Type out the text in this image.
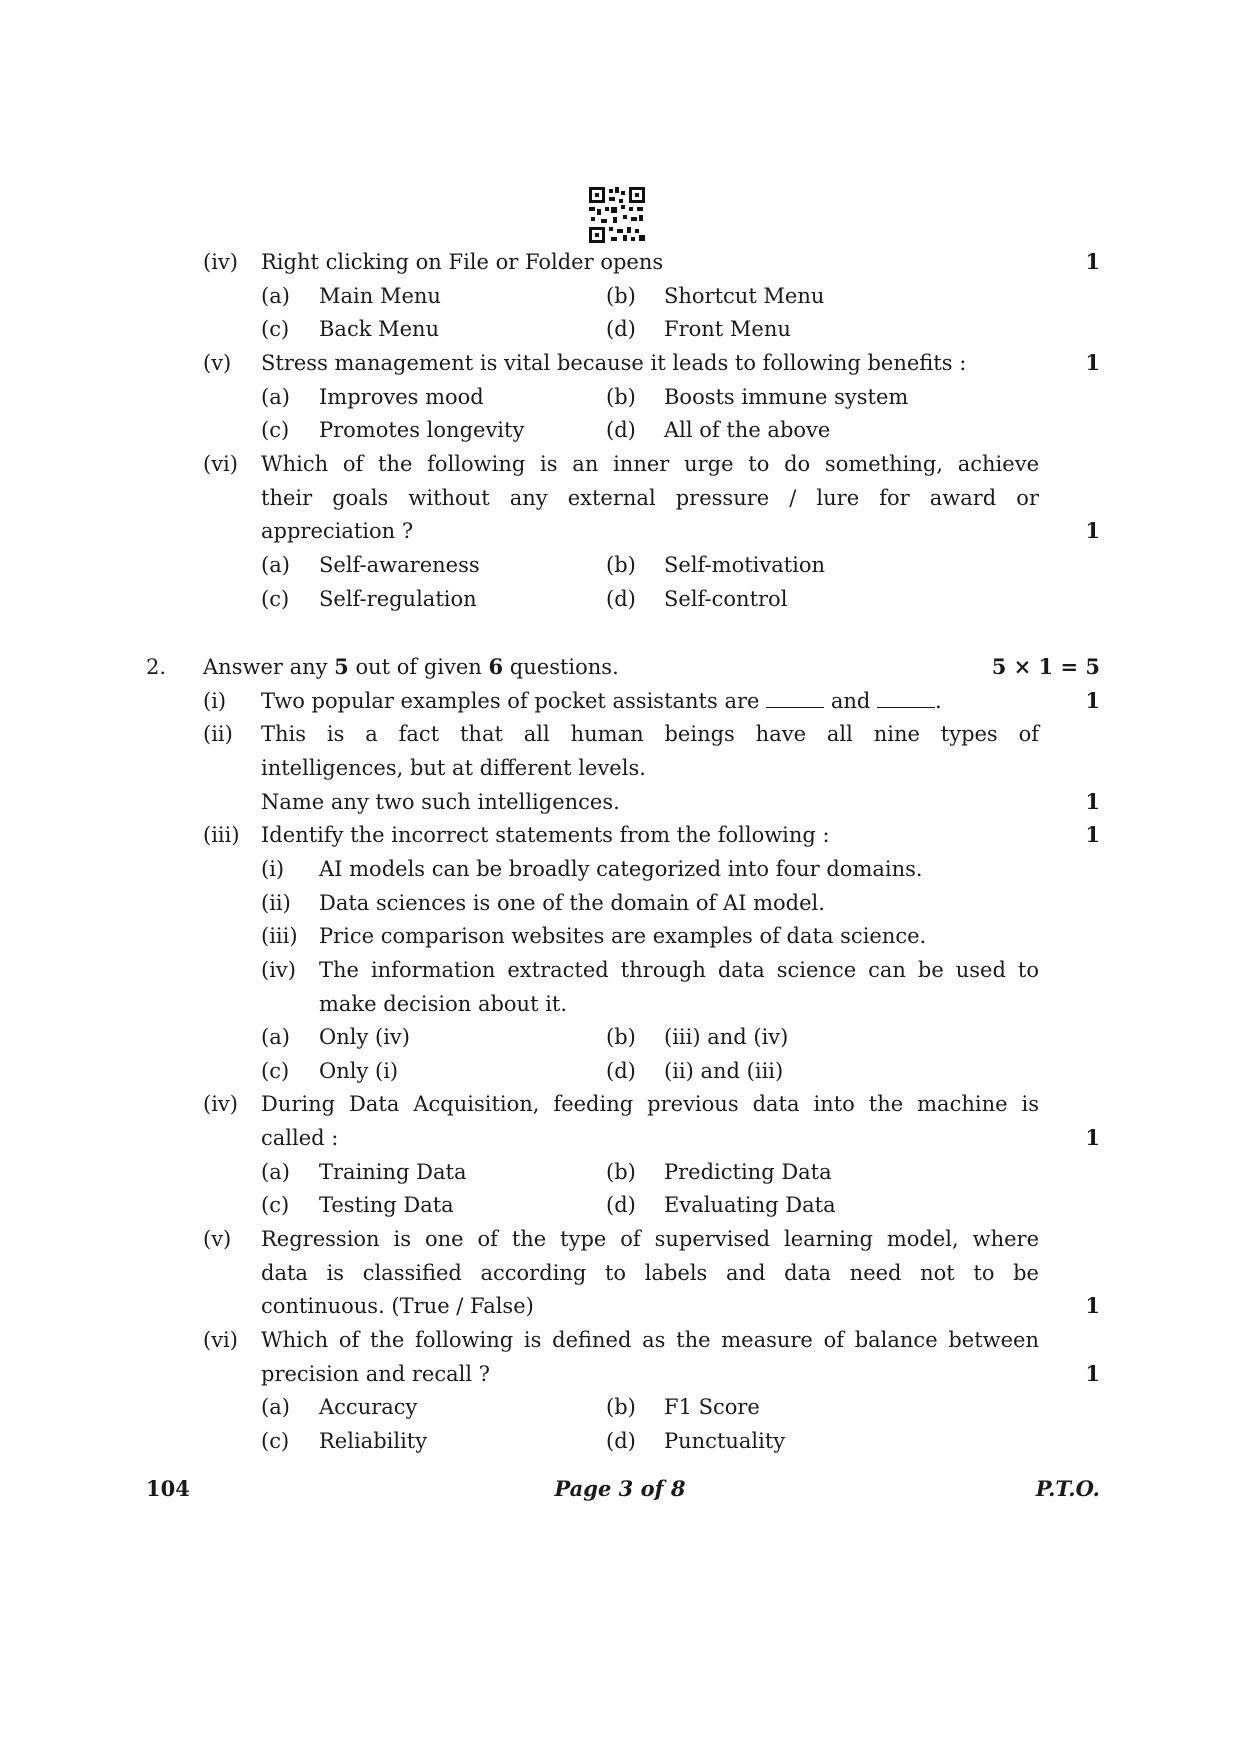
(iv) Right clicking on File or Folder opens	1
(a) Main Menu	(b) Shortcut Menu
(c) Back Menu	(d) Front Menu
(v) Stress management is vital because it leads to following benefits :	1
(a) Improves mood	(b) Boosts immune system
(c) Promotes longevity	(d) All of the above
(vi) Which of the following is an inner urge to do something, achieve
their goals without any external pressure / lure for award or
appreciation ?	1
(a) Self-awareness	(b) Self-motivation
(c) Self-regulation	(d) Self-control
2. Answer any 5 out of given 6 questions.	5 × 1 = 5
(i) Two popular examples of pocket assistants are	and	.	1
(ii) This is a fact that all human beings have all nine types of
intelligences, but at different levels.
Name any two such intelligences.	1
(iii) Identify the incorrect statements from the following :	1
(i) AI models can be broadly categorized into four domains.
(ii) Data sciences is one of the domain of AI model.
(iii) Price comparison websites are examples of data science.
(iv) The information extracted through data science can be used to
make decision about it.
(a) Only (iv)	(b) (iii) and (iv)
(c) Only (i)	(d) (ii) and (iii)
(iv) During Data Acquisition, feeding previous data into the machine is
called :	1
(a) Training Data	(b) Predicting Data
(c) Testing Data	(d) Evaluating Data
(v) Regression is one of the type of supervised learning model, where
data is classified according to labels and data need not to be
continuous. (True / False)	1
(vi) Which of the following is defined as the measure of balance between
precision and recall ?	1
(a) Accuracy	(b) F1 Score
(c) Reliability	(d) Punctuality
104	Page 3 of 8	P.T.O.
